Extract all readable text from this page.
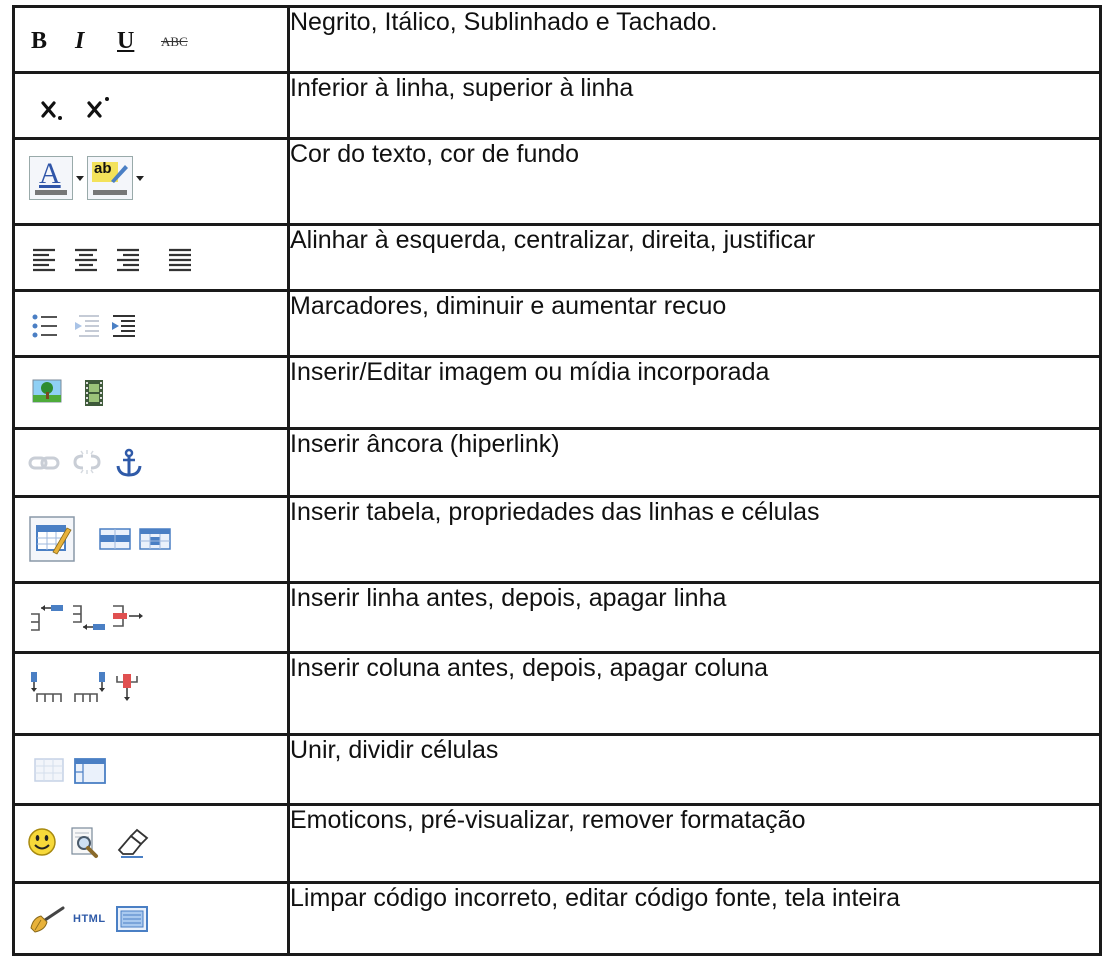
B I U ABC	Negrito, Itálico, Sublinhado e Tachado.

	Inferior à linha, superior à linha

A ab	Cor do texto, cor de fundo

	Alinhar à esquerda, centralizar, direita, justificar

	Marcadores, diminuir e aumentar recuo

	Inserir/Editar imagem ou mídia incorporada

	Inserir âncora (hiperlink)

	Inserir tabela, propriedades das linhas e células

	Inserir linha antes, depois, apagar linha

	Inserir coluna antes, depois, apagar coluna

	Unir, dividir células

	Emoticons, pré-visualizar, remover formatação

HTML	Limpar código incorreto, editar código fonte, tela inteira
